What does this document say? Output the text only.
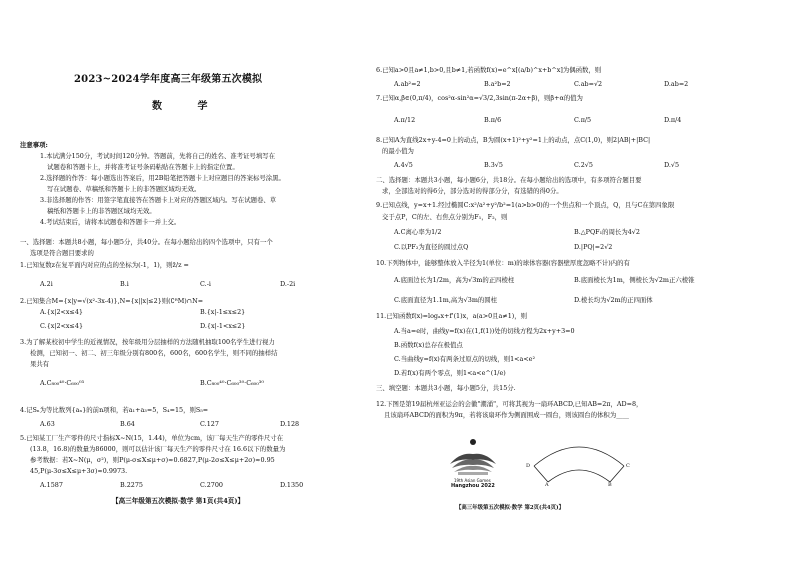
2023~2024学年度高三年级第五次模拟
数 学
注意事项:
1.本试满分150分，考试时间120分钟。答题前，先将自己的姓名、准考证号填写在
试题卷和答题卡上，并将准考证号条码粘贴在答题卡上的指定位置。
2.选择题的作答：每小题选出答案后，用2B铅笔把答题卡上对应题目的答案标号涂黑。
写在试题卷、草稿纸和答题卡上的非答题区域均无效。
3.非选择题的作答：用签字笔直接答在答题卡上对应的答题区域内。写在试题卷、草
稿纸和答题卡上的非答题区域均无效。
4.考试结束后，请将本试题卷和答题卡一并上交。
一、选择题：本题共8小题，每小题5分，共40分。在每小题给出的四个选项中，只有一个
选项是符合题目要求的
1.已知复数z在复平面内对应的点的坐标为(-1，1)，则z̄/z =
A.2i	B.i	C.-i	D.-2i
2.已知集合M={x|y=√(x²-3x-4)},N={x||x|≤2}则(∁ᴿM)∩N=
A.{x|2<x≤4}	B.{x|-1≤x≤2}
C.{x|2<x≤4}	D.{x|-1<x≤2}
3.为了解某校初中学生的近视情况，按年级用分层抽样的方法随机抽取100名学生进行视力
检测，已知初一、初二、初三年级分别有800名，600名，600名学生，则不同的抽样结
果共有
A.C₈₀₀⁴⁰·C₆₀₀⁰³	B.C₈₀₀⁴⁰·C₆₀₀³⁰·C₆₀₀³⁰
4.记Sₙ为等比数列{aₙ}的前n项和，若a₁+a₃=5，S₄=15，则S₅=
A.63	B.64	C.127	D.128
5.已知某工厂生产零件的尺寸指标X~N(15，1.44)，单位为cm，该厂每天生产的零件尺寸在
(13.8，16.8)的数量为86000，则可以估计该厂每天生产的零件尺寸在 16.6以下的数量为
参考数据：若X~N(μ，σ²)，则P(μ-σ≤X≤μ+σ)≈0.6827,P(μ-2σ≤X≤μ+2σ)≈0.95
45,P(μ-3σ≤X≤μ+3σ)≈0.9973.
A.1587	B.2275	C.2700	D.1350
【高三年级第五次模拟·数学 第1页(共4页)】
6.已知a>0且a≠1,b>0,且b≠1,若函数f(x)=e^x[(a/b)^x+b^x]为偶函数，则
A.ab²=2	B.a²b=2	C.ab=√2	D.ab=2
7.已知α,β∈(0,π/4)，cos²α-sin²α=√3/2,3sin(π-2α+β)，则β+α的值为
A.π/12	B.π/6	C.π/5	D.π/4
8.已知A为直线2x+y-4=0上的动点，B为圆(x+1)²+y²=1上的动点，点C(1,0)，则2|AB|+|BC|
的最小值为
A.4√5	B.3√5	C.2√5	D.√5
二、选择题：本题共3小题，每小题6分，共18分。在每小题给出的选项中，有多项符合题目要
求，全部选对的得6分，部分选对的得部分分，有选错的得0分。
9.已知点线，y=x+1.经过椭圆C:x²/a²+y²/b²=1(a>b>0)的一个焦点和一个顶点，Q，且与C在第四象限
交于点P，C的左、右焦点分别为F₁，F₂，则
A.C离心率为1/2	B.△PQF₁的周长为4√2
C.以PF₂为直径的圆过点Q	D.|PQ|=2√2
10.下列物体中，能够整体放入半径为1(单位：m)的球体容器(容器壁厚度忽略不计)内的有
A.底面边长为1/2m，高为√3m的正四棱柱	B.底面棱长为1m，侧棱长为√2m正六棱锥
C.底面直径为1.1m,高为√3m的圆柱	D.棱长均为√2m的正四面体
11.已知函数f(x)=logₐx+f'(1)x，a(a>0且a≠1)，则
A.当a=e时，曲线y=f(x)在(1,f(1))处的切线方程为2x+y+3=0
B.函数f(x)总存在极值点
C.当曲线y=f(x)有两条过原点的切线，则1<a<e²
D.若f(x)有两个零点，则1<a<e^(1/e)
三、填空题：本题共3小题，每小题5分，共15分.
12.下图是第19届杭州亚运会的会徽"潮涌"，可将其视为一扇环ABCD,已知AB=2π，AD=8，
且该扇环ABCD的面积为9π，若将该扇环作为侧面围成一圆台，则该圆台的体积为____
【高三年级第五次模拟·数学 第2页(共4页)】
19th Asian Games
Hangzhou 2022	A	B
C
D
